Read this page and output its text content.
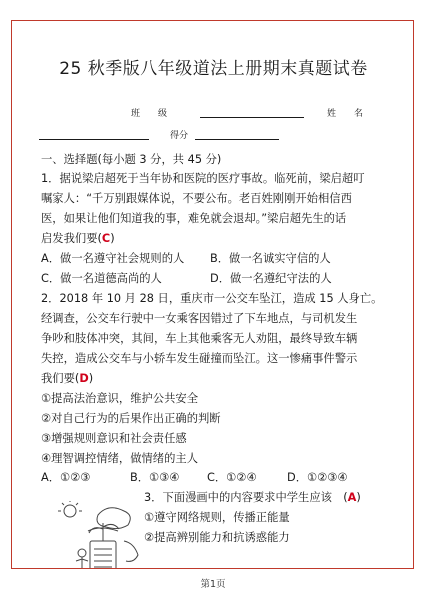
25 秋季版八年级道法上册期末真题试卷
班　　级	姓　　名
得分
一、选择题(每小题 3 分，共 45 分)
1．据说梁启超死于当年协和医院的医疗事故。临死前，梁启超叮
嘱家人：“千万别跟媒体说，不要公布。老百姓刚刚开始相信西
医，如果让他们知道我的事，难免就会退却。”梁启超先生的话
启发我们要(C)
A．做一名遵守社会规则的人 B．做一名诚实守信的人
C．做一名道德高尚的人	D．做一名遵纪守法的人
2．2018 年 10 月 28 日，重庆市一公交车坠江，造成 15 人身亡。
经调查，公交车行驶中一女乘客因错过了下车地点，与司机发生
争吵和肢体冲突，其间，车上其他乘客无人劝阻，最终导致车辆
失控，造成公交车与小轿车发生碰撞而坠江。这一惨痛事件警示
我们要(D)
①提高法治意识，维护公共安全
②对自己行为的后果作出正确的判断
③增强规则意识和社会责任感
④理智调控情绪，做情绪的主人
A．①②③	B．①③④ C．①②④	D．①②③④
3．下面漫画中的内容要求中学生应该　(A)
①遵守网络规则，传播正能量
②提高辨别能力和抗诱惑能力
第1页
